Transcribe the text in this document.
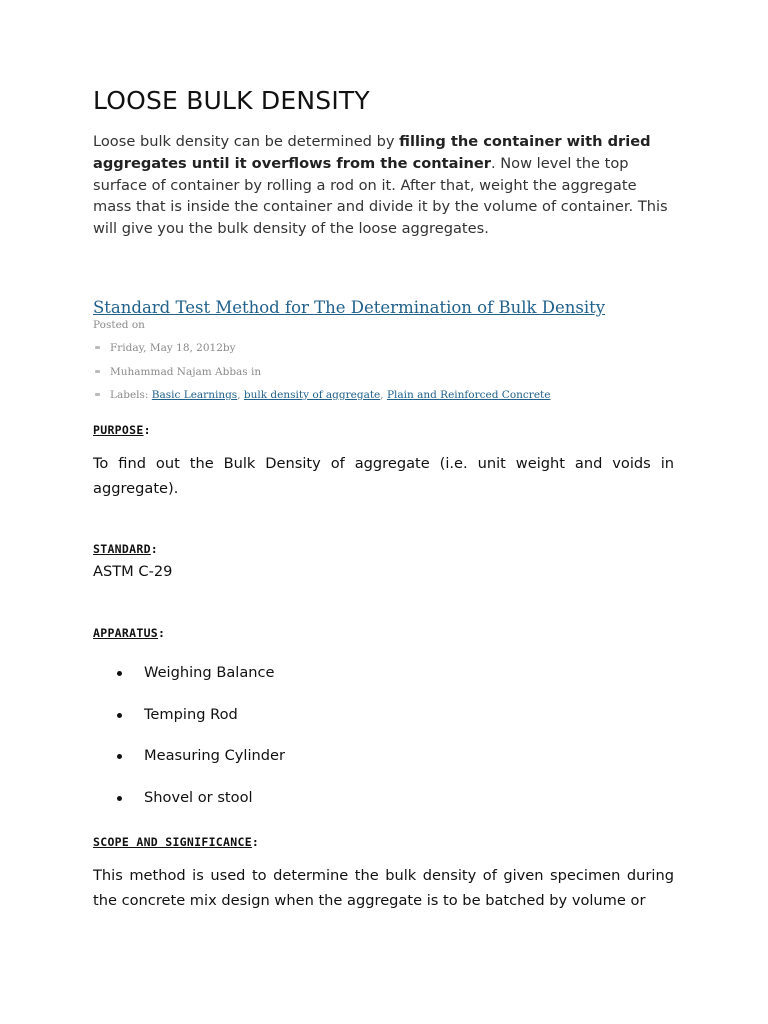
LOOSE BULK DENSITY

Loose bulk density can be determined by filling the container with dried aggregates until it overflows from the container. Now level the top surface of container by rolling a rod on it. After that, weight the aggregate mass that is inside the container and divide it by the volume of container. This will give you the bulk density of the loose aggregates.

Standard Test Method for The Determination of Bulk Density
Posted on
Friday, May 18, 2012by
Muhammad Najam Abbas in
Labels: Basic Learnings, bulk density of aggregate, Plain and Reinforced Concrete
PURPOSE:

To find out the Bulk Density of aggregate (i.e. unit weight and voids in aggregate).

STANDARD:
ASTM C-29
APPARATUS:
Weighing Balance
Temping Rod
Measuring Cylinder
Shovel or stool
SCOPE AND SIGNIFICANCE:

This method is used to determine the bulk density of given specimen during the concrete mix design when the aggregate is to be batched by volume or
